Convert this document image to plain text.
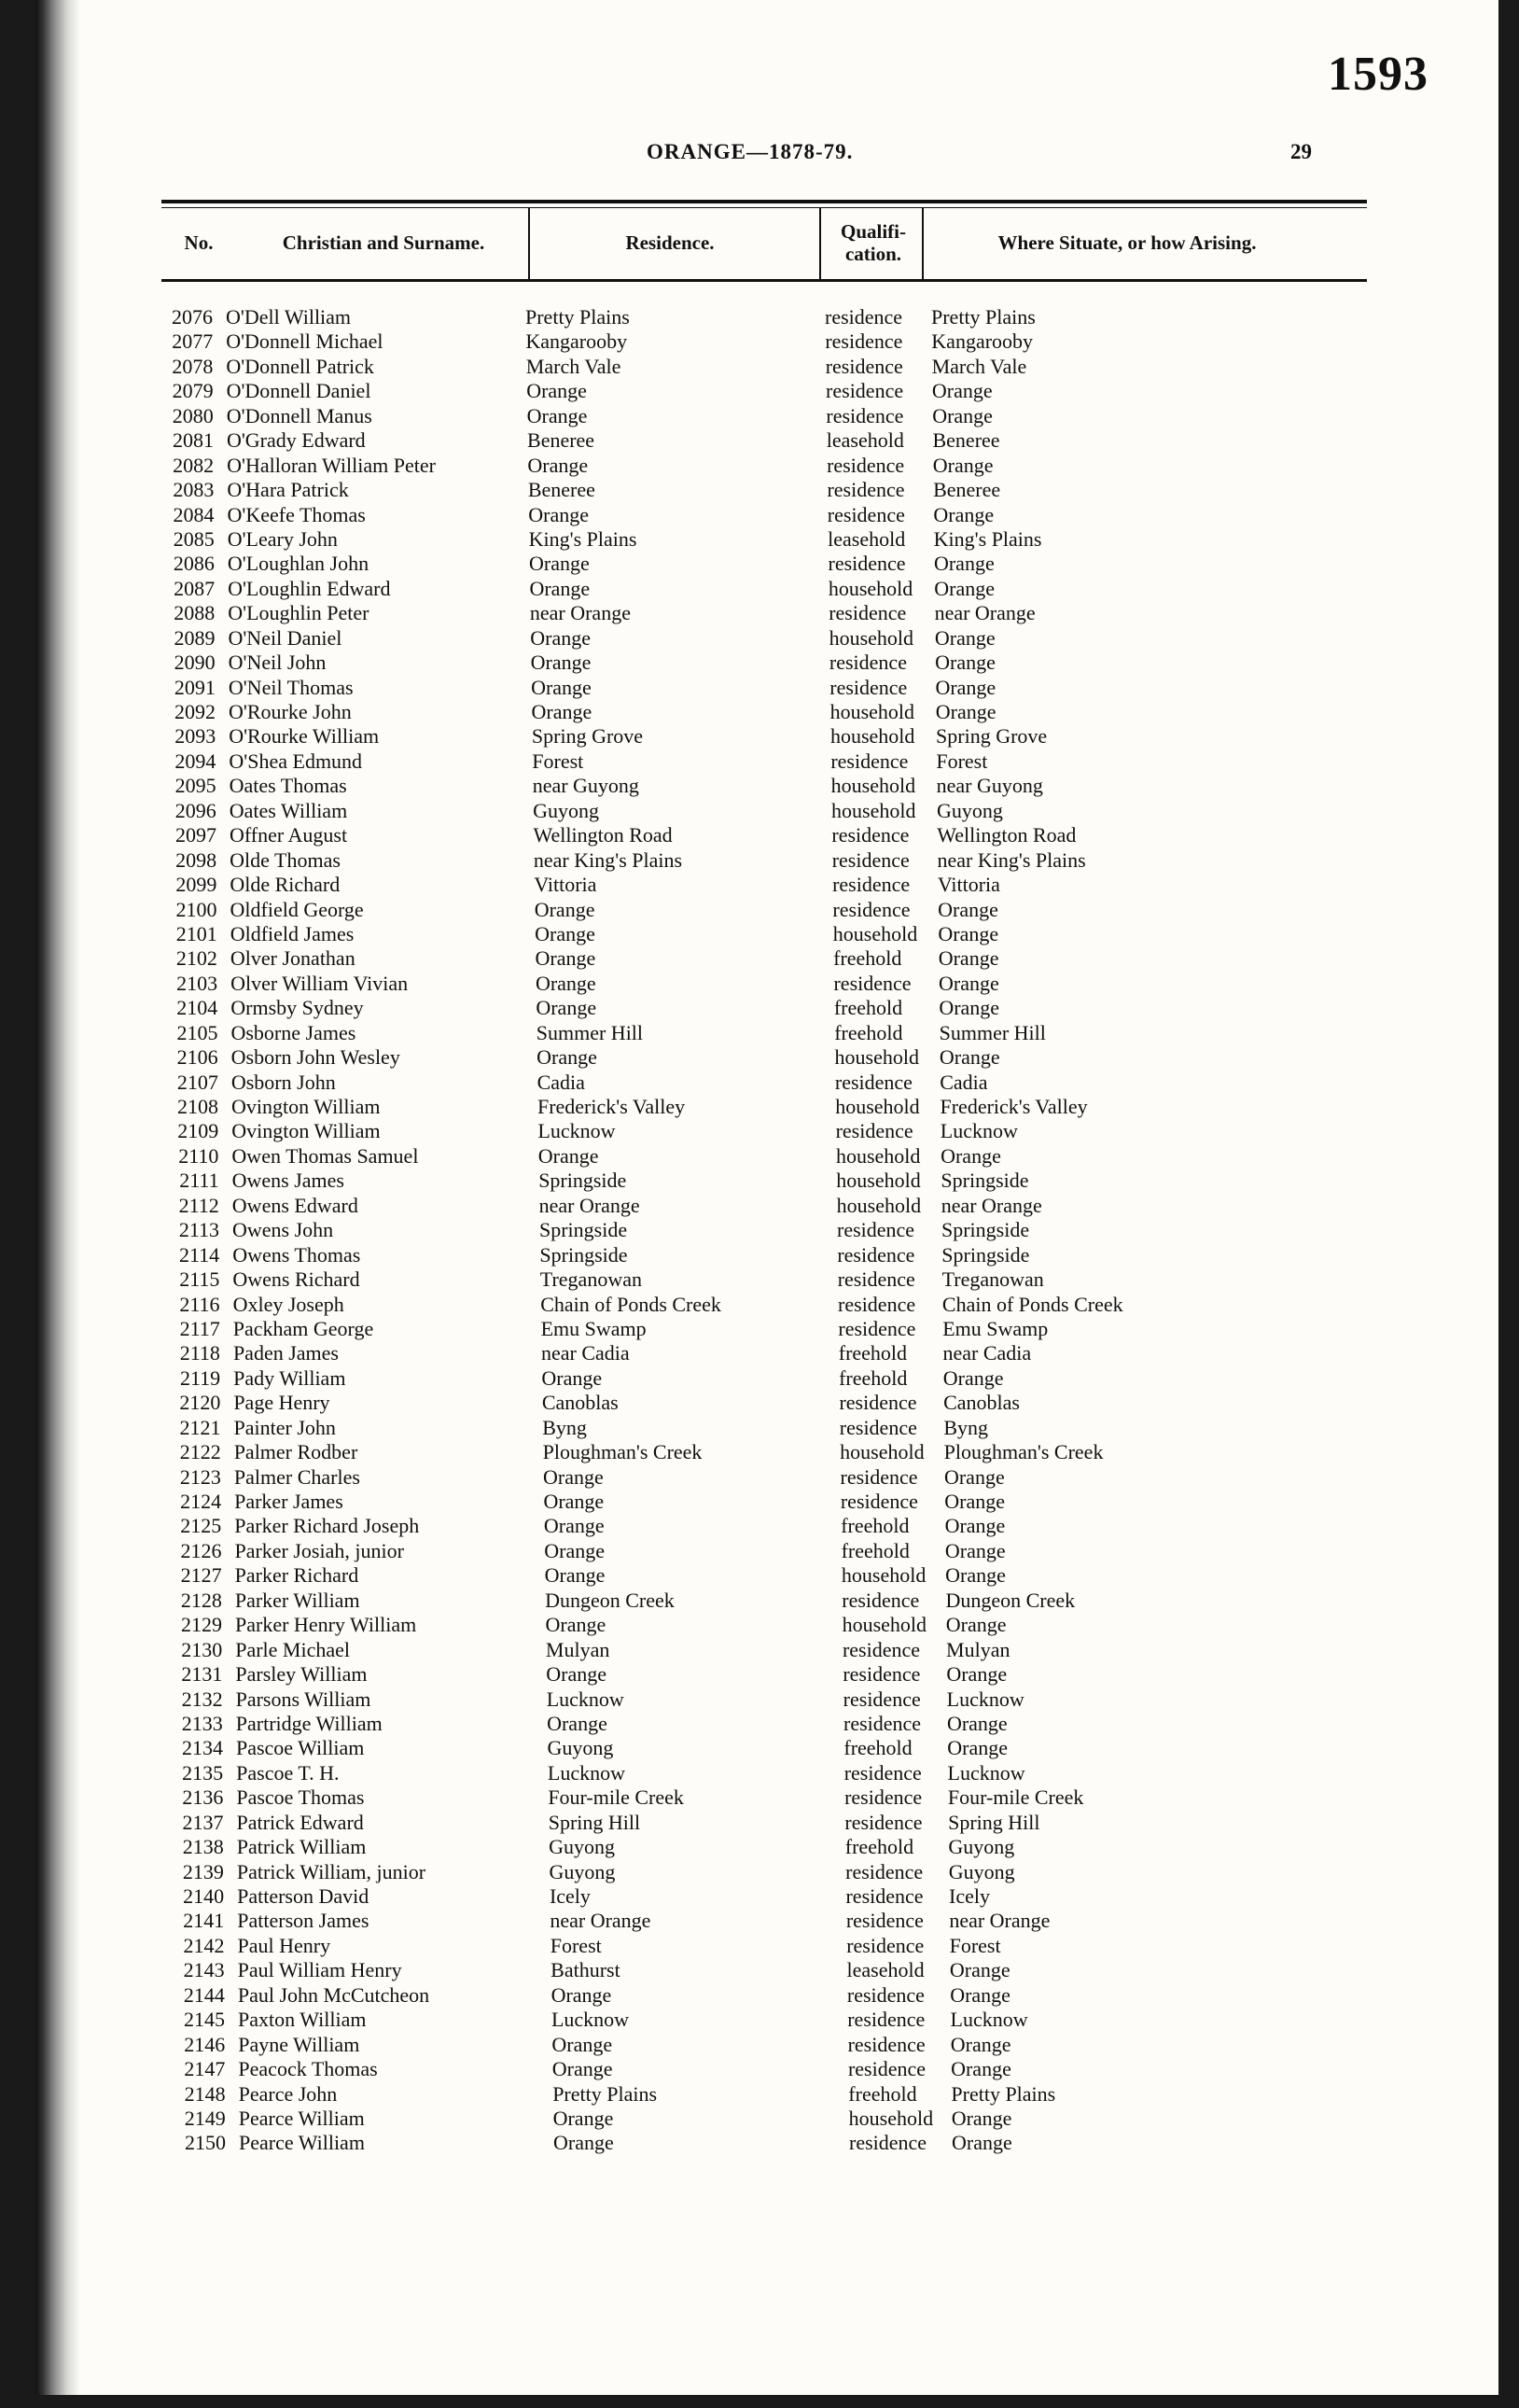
1593
ORANGE—1878-79.	29
No.	Christian and Surname.	Residence.	Qualifi- cation.	Where Situate, or how Arising.
2076 O'Dell William	Pretty Plains	residence Pretty Plains
2077 O'Donnell Michael	Kangarooby	residence Kangarooby
2078 O'Donnell Patrick	March Vale	residence March Vale
2079 O'Donnell Daniel	Orange	residence Orange
2080 O'Donnell Manus	Orange	residence Orange
2081 O'Grady Edward	Beneree	leasehold Beneree
2082 O'Halloran William Peter	Orange	residence Orange
2083 O'Hara Patrick	Beneree	residence Beneree
2084 O'Keefe Thomas	Orange	residence Orange
2085 O'Leary John	King's Plains	leasehold King's Plains
2086 O'Loughlan John	Orange	residence Orange
2087 O'Loughlin Edward	Orange	household Orange
2088 O'Loughlin Peter	near Orange	residence near Orange
2089 O'Neil Daniel	Orange	household Orange
2090 O'Neil John	Orange	residence Orange
2091 O'Neil Thomas	Orange	residence Orange
2092 O'Rourke John	Orange	household Orange
2093 O'Rourke William	Spring Grove	household Spring Grove
2094 O'Shea Edmund	Forest	residence Forest
2095 Oates Thomas	near Guyong	household near Guyong
2096 Oates William	Guyong	household Guyong
2097 Offner August	Wellington Road	residence Wellington Road
2098 Olde Thomas	near King's Plains	residence near King's Plains
2099 Olde Richard	Vittoria	residence Vittoria
2100 Oldfield George	Orange	residence Orange
2101 Oldfield James	Orange	household Orange
2102 Olver Jonathan	Orange	freehold Orange
2103 Olver William Vivian	Orange	residence Orange
2104 Ormsby Sydney	Orange	freehold Orange
2105 Osborne James	Summer Hill	freehold Summer Hill
2106 Osborn John Wesley	Orange	household Orange
2107 Osborn John	Cadia	residence Cadia
2108 Ovington William	Frederick's Valley	household Frederick's Valley
2109 Ovington William	Lucknow	residence Lucknow
2110 Owen Thomas Samuel	Orange	household Orange
2111 Owens James	Springside	household Springside
2112 Owens Edward	near Orange	household near Orange
2113 Owens John	Springside	residence Springside
2114 Owens Thomas	Springside	residence Springside
2115 Owens Richard	Treganowan	residence Treganowan
2116 Oxley Joseph	Chain of Ponds Creek	residence Chain of Ponds Creek
2117 Packham George	Emu Swamp	residence Emu Swamp
2118 Paden James	near Cadia	freehold near Cadia
2119 Pady William	Orange	freehold Orange
2120 Page Henry	Canoblas	residence Canoblas
2121 Painter John	Byng	residence Byng
2122 Palmer Rodber	Ploughman's Creek	household Ploughman's Creek
2123 Palmer Charles	Orange	residence Orange
2124 Parker James	Orange	residence Orange
2125 Parker Richard Joseph	Orange	freehold Orange
2126 Parker Josiah, junior	Orange	freehold Orange
2127 Parker Richard	Orange	household Orange
2128 Parker William	Dungeon Creek	residence Dungeon Creek
2129 Parker Henry William	Orange	household Orange
2130 Parle Michael	Mulyan	residence Mulyan
2131 Parsley William	Orange	residence Orange
2132 Parsons William	Lucknow	residence Lucknow
2133 Partridge William	Orange	residence Orange
2134 Pascoe William	Guyong	freehold Orange
2135 Pascoe T. H.	Lucknow	residence Lucknow
2136 Pascoe Thomas	Four-mile Creek	residence Four-mile Creek
2137 Patrick Edward	Spring Hill	residence Spring Hill
2138 Patrick William	Guyong	freehold Guyong
2139 Patrick William, junior	Guyong	residence Guyong
2140 Patterson David	Icely	residence Icely
2141 Patterson James	near Orange	residence near Orange
2142 Paul Henry	Forest	residence Forest
2143 Paul William Henry	Bathurst	leasehold Orange
2144 Paul John McCutcheon	Orange	residence Orange
2145 Paxton William	Lucknow	residence Lucknow
2146 Payne William	Orange	residence Orange
2147 Peacock Thomas	Orange	residence Orange
2148 Pearce John	Pretty Plains	freehold Pretty Plains
2149 Pearce William	Orange	household Orange
2150 Pearce William	Orange	residence Orange
